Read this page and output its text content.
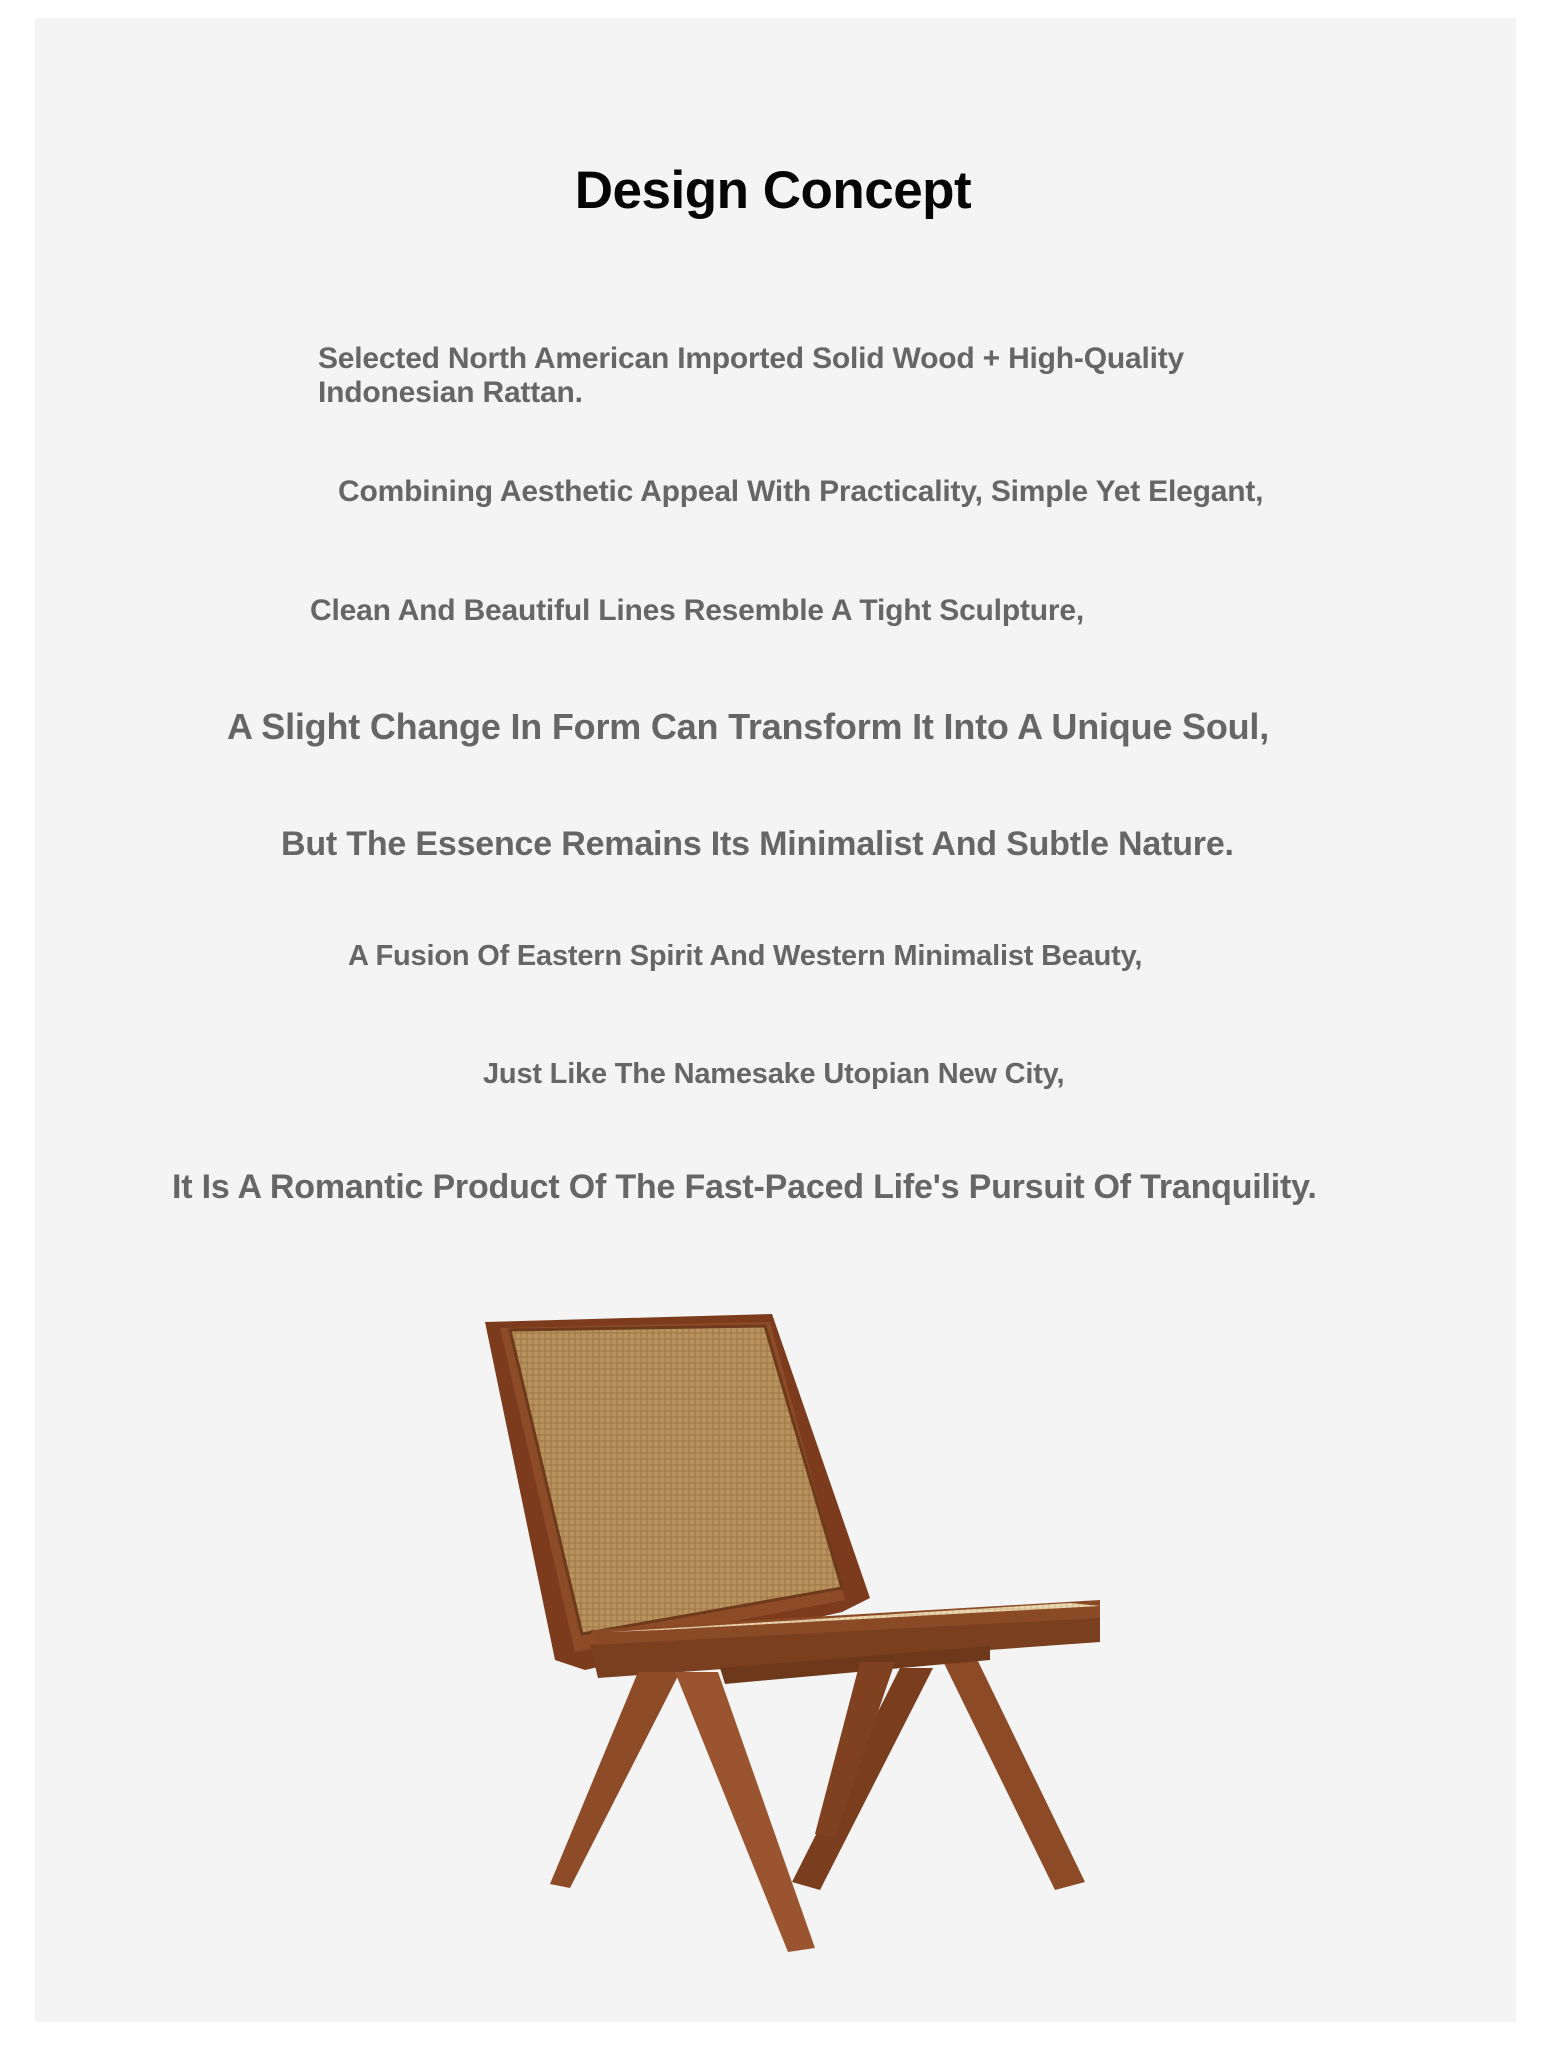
Design Concept
Selected North American Imported Solid Wood + High-Quality Indonesian Rattan.
Combining Aesthetic Appeal With Practicality, Simple Yet Elegant,
Clean And Beautiful Lines Resemble A Tight Sculpture,
A Slight Change In Form Can Transform It Into A Unique Soul,
But The Essence Remains Its Minimalist And Subtle Nature.
A Fusion Of Eastern Spirit And Western Minimalist Beauty,
Just Like The Namesake Utopian New City,
It Is A Romantic Product Of The Fast-Paced Life's Pursuit Of Tranquility.
